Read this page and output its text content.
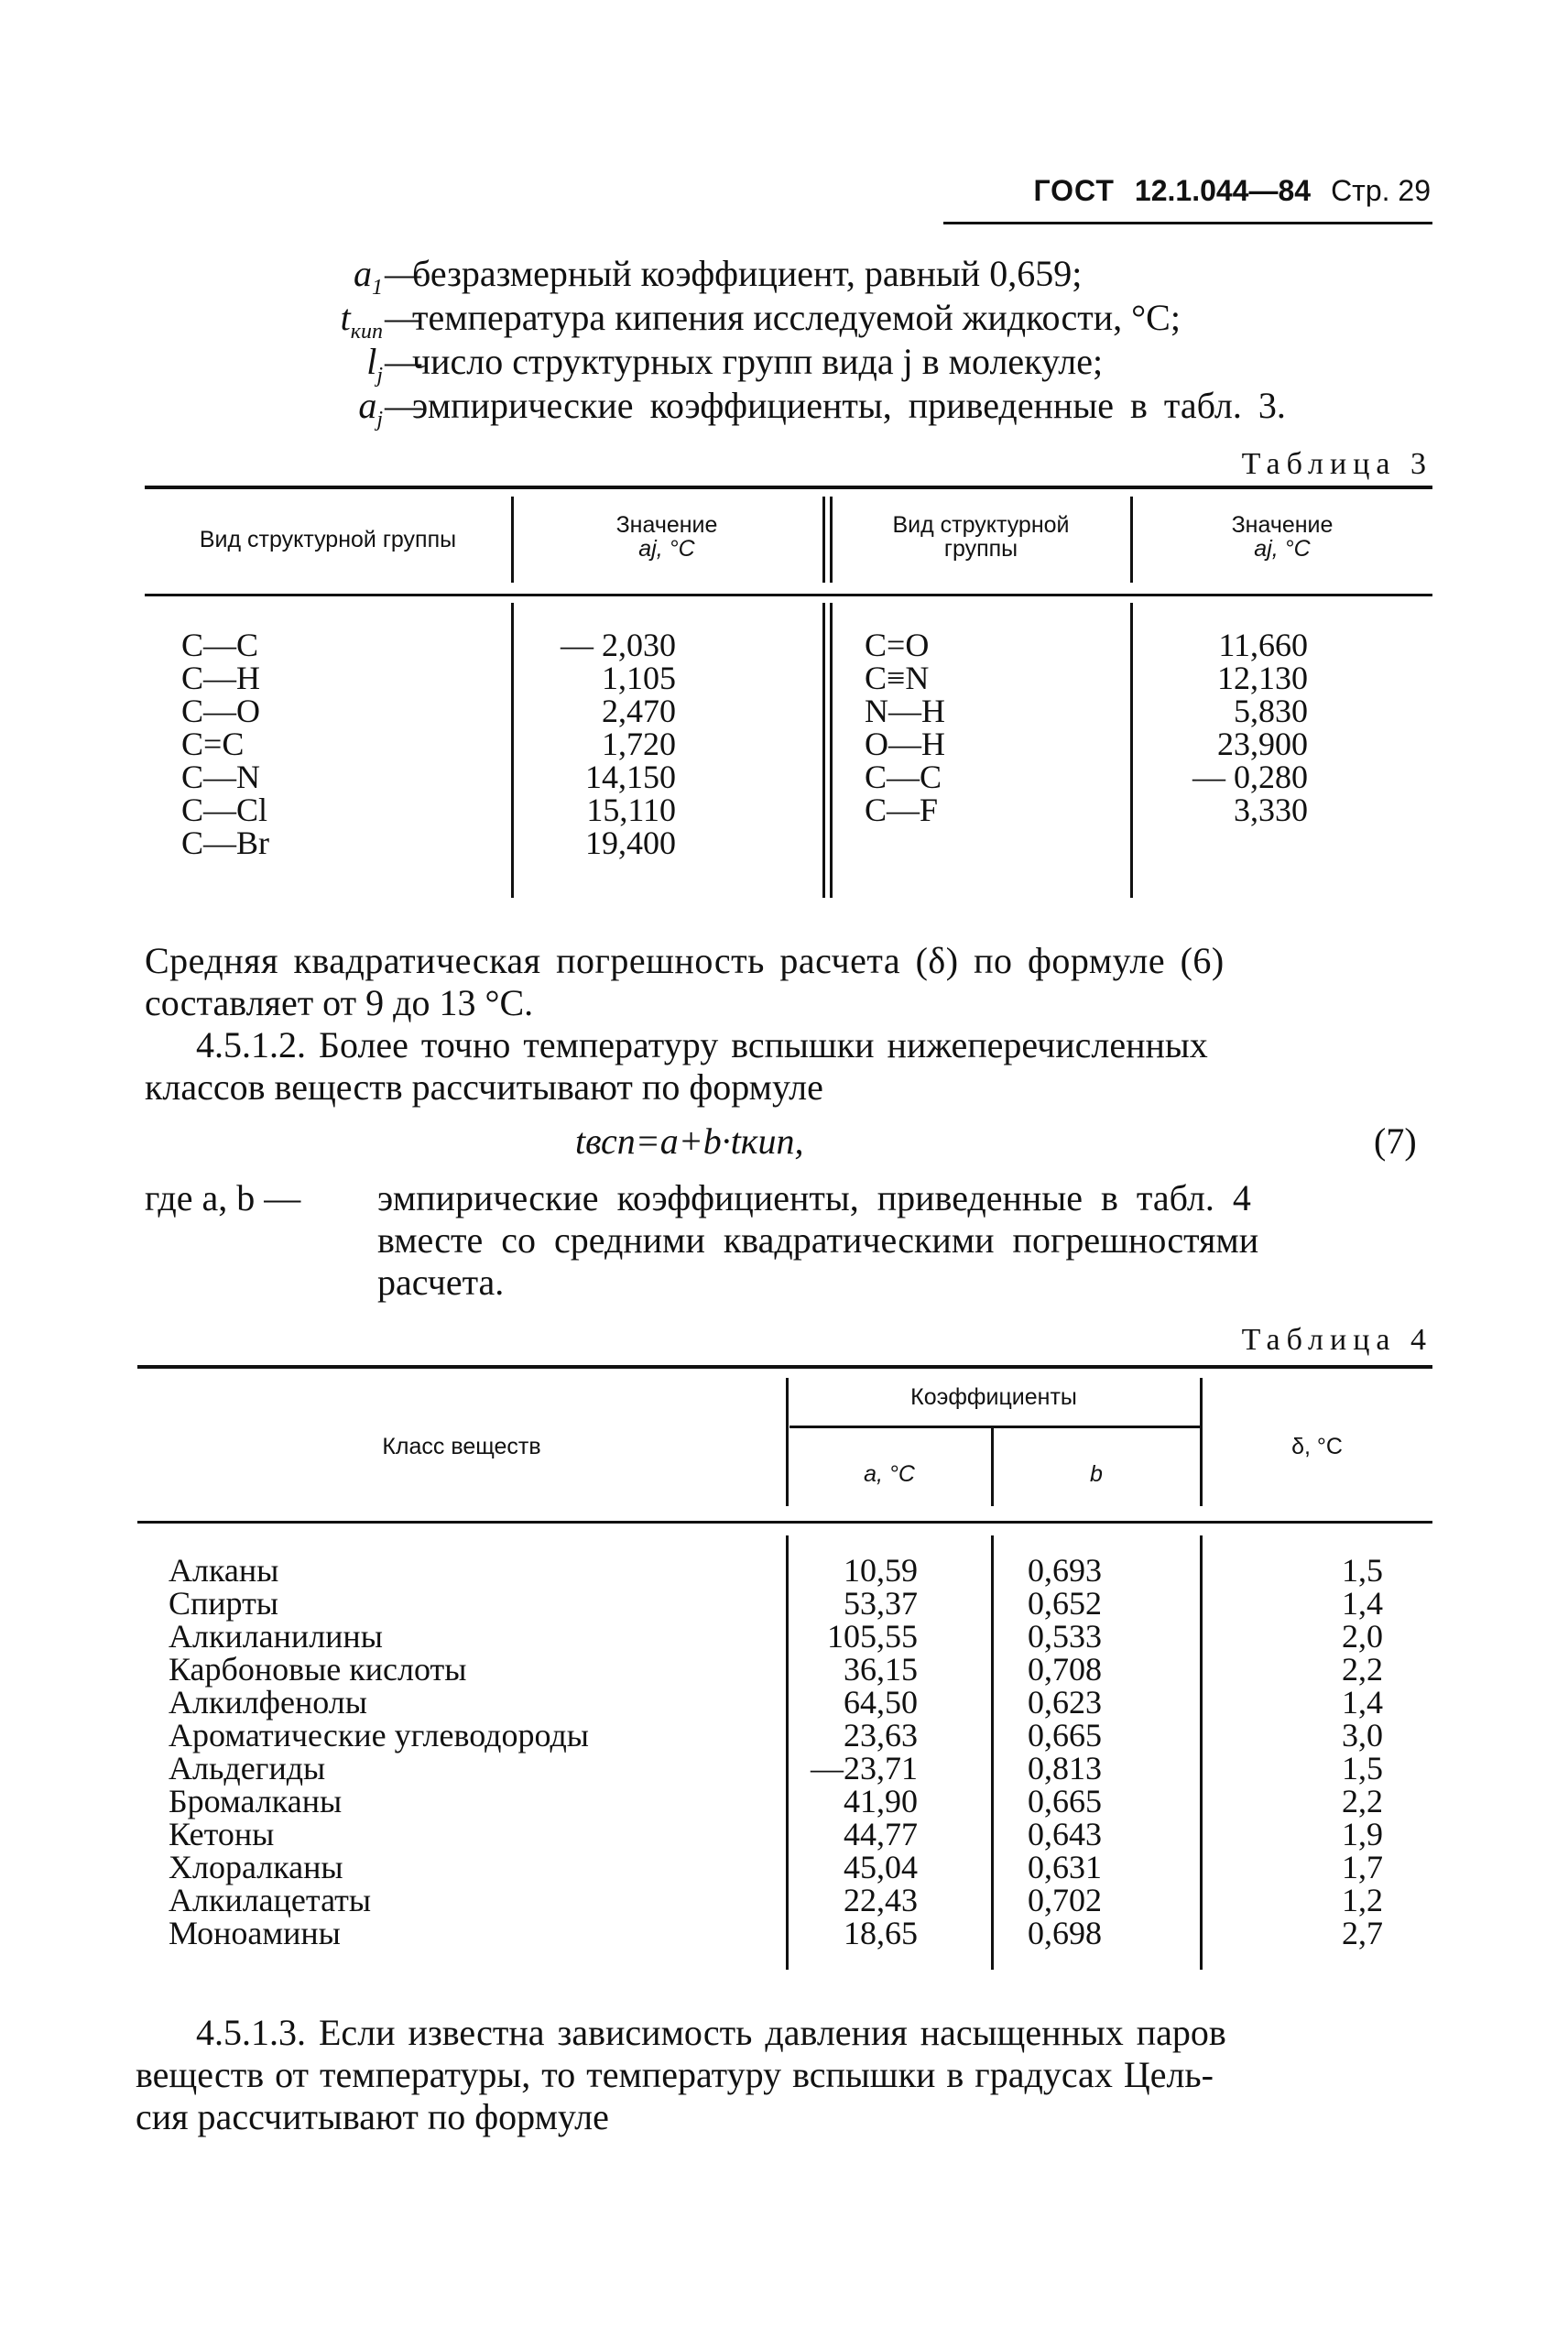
ГОСТ 12.1.044—84 Стр. 29
$a_1$ —
безразмерный коэффициент, равный 0,659;
$t_{кип}$ —
температура кипения исследуемой жидкости, °С;
$l_j$ —
число структурных групп вида j в молекуле;
$a_j$ —
эмпирические коэффициенты, приведенные в табл. 3.
Таблица 3
Вид структурной группы
Значение
aj, °С
Вид структурной
группы
Значение
aj, °С
C—C
C—H
C—O
C=C
C—N
C—Cl
C—Br
— 2,030
1,105
2,470
1,720
14,150
15,110
19,400
C=O
C≡N
N—H
O—H
C—C
C—F
11,660
12,130
5,830
23,900
— 0,280
3,330
Средняя квадратическая погрешность расчета (δ) по формуле (6)
составляет от 9 до 13 °С.
4.5.1.2. Более точно температуру вспышки нижеперечисленных
классов веществ рассчитывают по формуле
tвсп=a+b·tкип,	(7)
где a, b — эмпирические коэффициенты, приведенные в табл. 4
вместе со средними квадратическими погрешностями
расчета.
Таблица 4
Класс веществ
Коэффициенты
a, °С	b
δ, °С
Алканы
Спирты
Алкиланилины
Карбоновые кислоты
Алкилфенолы
Ароматические углеводороды
Альдегиды
Бромалканы
Кетоны
Хлоралканы
Алкилацетаты
Моноамины
10,59
53,37
105,55
36,15
64,50
23,63
—23,71
41,90
44,77
45,04
22,43
18,65
0,693
0,652
0,533
0,708
0,623
0,665
0,813
0,665
0,643
0,631
0,702
0,698
1,5
1,4
2,0
2,2
1,4
3,0
1,5
2,2
1,9
1,7
1,2
2,7
4.5.1.3. Если известна зависимость давления насыщенных паров
веществ от температуры, то температуру вспышки в градусах Цель-
сия рассчитывают по формуле
